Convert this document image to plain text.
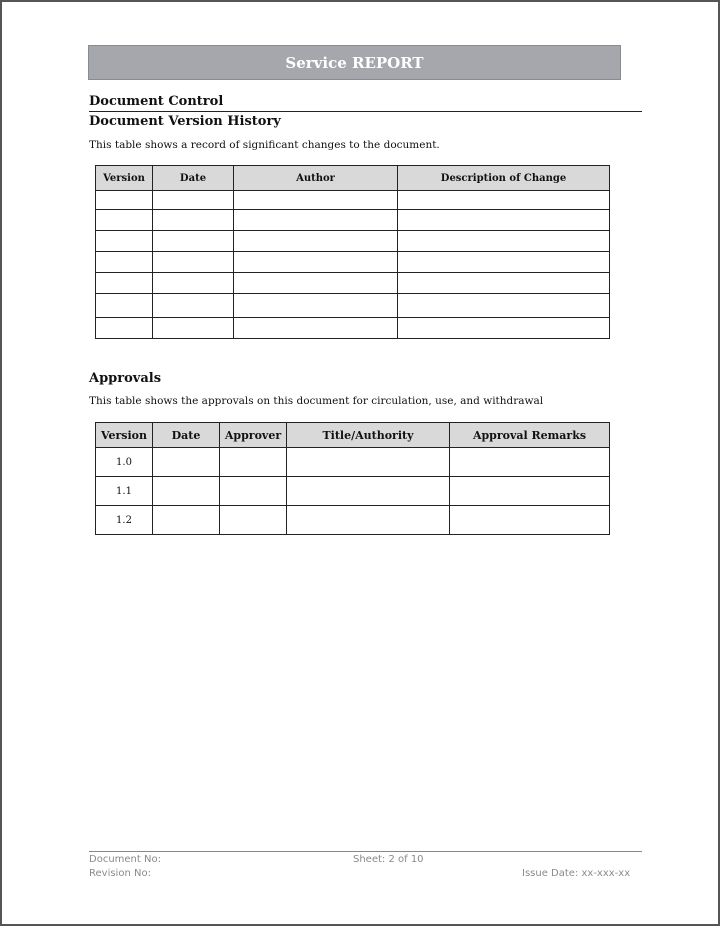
Service REPORT
Document Control
Document Version History
This table shows a record of significant changes to the document.
Version	Date	Author	Description of Change

Approvals
This table shows the approvals on this document for circulation, use, and withdrawal
Version	Date	Approver	Title/Authority	Approval Remarks
1.0				
1.1				
1.2				
Document No:
Revision No:
Sheet: 2 of 10
Issue Date: xx-xxx-xx
